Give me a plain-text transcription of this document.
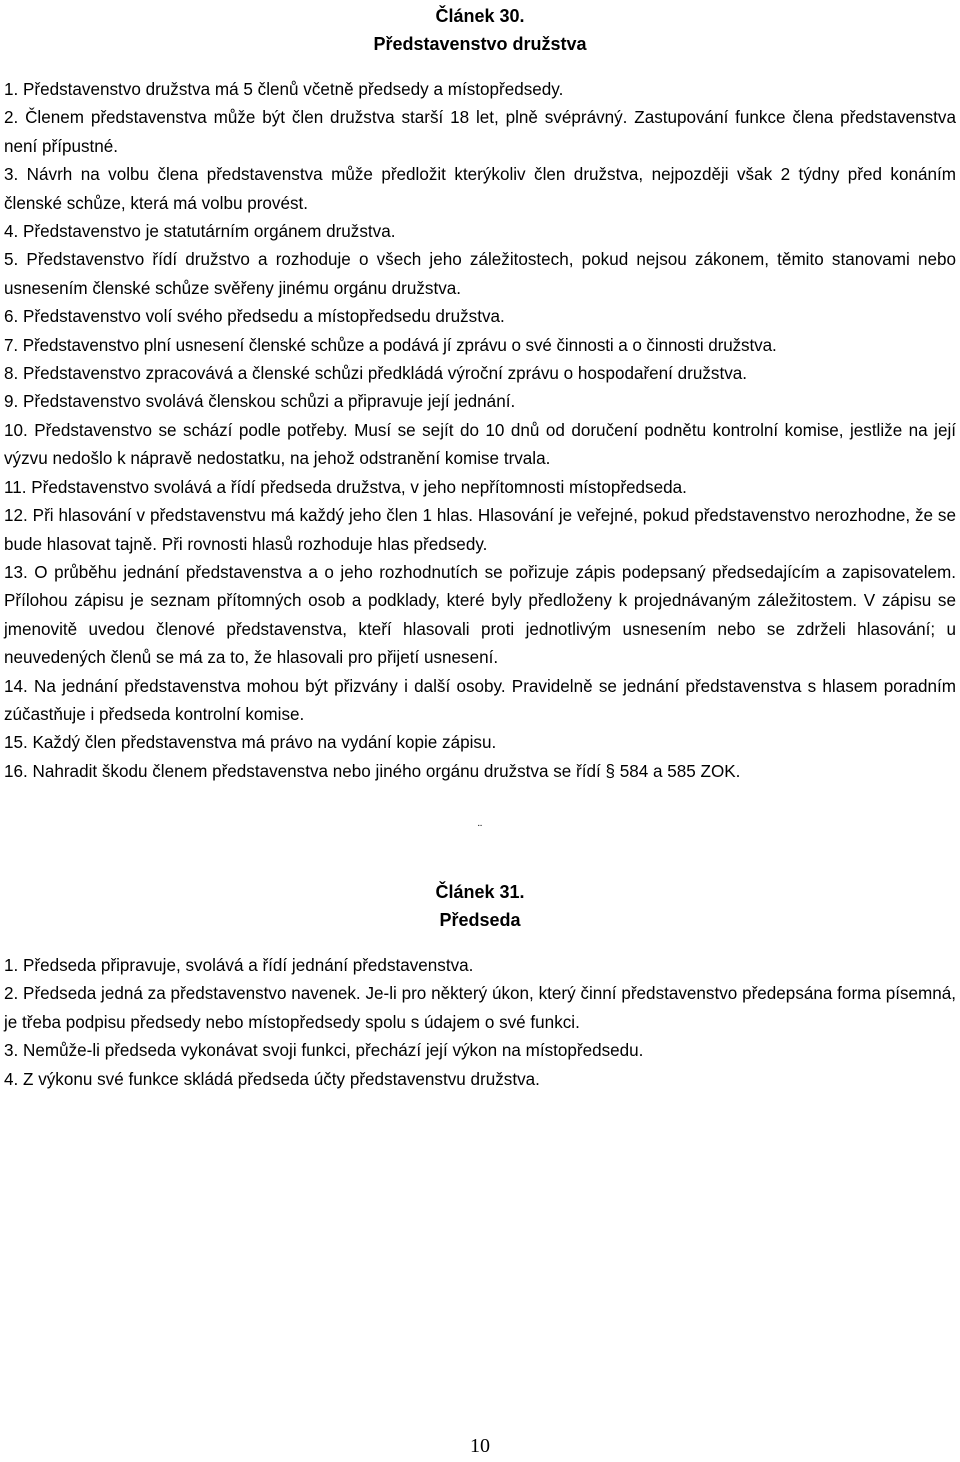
Článek 30.
Představenstvo družstva

1. Představenstvo družstva má 5 členů včetně předsedy a místopředsedy.

2. Členem představenstva může být člen družstva starší 18 let, plně svéprávný. Zastupování funkce člena představenstva není přípustné.

3. Návrh na volbu člena představenstva může předložit kterýkoliv člen družstva, nejpozději však 2 týdny před konáním členské schůze, která má volbu provést.

4. Představenstvo je statutárním orgánem družstva.

5. Představenstvo řídí družstvo a rozhoduje o všech jeho záležitostech, pokud nejsou zákonem, těmito stanovami nebo usnesením členské schůze svěřeny jinému orgánu družstva.

6. Představenstvo volí svého předsedu a místopředsedu družstva.

7. Představenstvo plní usnesení členské schůze a podává jí zprávu o své činnosti a o činnosti družstva.

8. Představenstvo zpracovává a členské schůzi předkládá výroční zprávu o hospodaření družstva.

9. Představenstvo svolává členskou schůzi a připravuje její jednání.

10. Představenstvo se schází podle potřeby. Musí se sejít do 10 dnů od doručení podnětu kontrolní komise, jestliže na její výzvu nedošlo k nápravě nedostatku, na jehož odstranění komise trvala.

11. Představenstvo svolává a řídí předseda družstva, v jeho nepřítomnosti místopředseda.

12. Při hlasování v představenstvu má každý jeho člen 1 hlas. Hlasování je veřejné, pokud představenstvo nerozhodne, že se bude hlasovat tajně. Při rovnosti hlasů rozhoduje hlas předsedy.

13. O průběhu jednání představenstva a o jeho rozhodnutích se pořizuje zápis podepsaný předsedajícím a zapisovatelem. Přílohou zápisu je seznam přítomných osob a podklady, které byly předloženy k projednávaným záležitostem. V zápisu se jmenovitě uvedou členové představenstva, kteří hlasovali proti jednotlivým usnesením nebo se zdrželi hlasování; u neuvedených členů se má za to, že hlasovali pro přijetí usnesení.

14. Na jednání představenstva mohou být přizvány i další osoby. Pravidelně se jednání představenstva s hlasem poradním zúčastňuje i předseda kontrolní komise.

15. Každý člen představenstva má právo na vydání kopie zápisu.

16. Nahradit škodu členem představenstva nebo jiného orgánu družstva se řídí § 584 a 585 ZOK.

¨
Článek 31.
Předseda

1. Předseda připravuje, svolává a řídí jednání představenstva.

2. Předseda jedná za představenstvo navenek. Je-li pro některý úkon, který činní představenstvo předepsána forma písemná, je třeba podpisu předsedy nebo místopředsedy spolu s údajem o své funkci.

3. Nemůže-li předseda vykonávat svoji funkci, přechází její výkon na místopředsedu.

4. Z výkonu své funkce skládá předseda účty představenstvu družstva.

10
